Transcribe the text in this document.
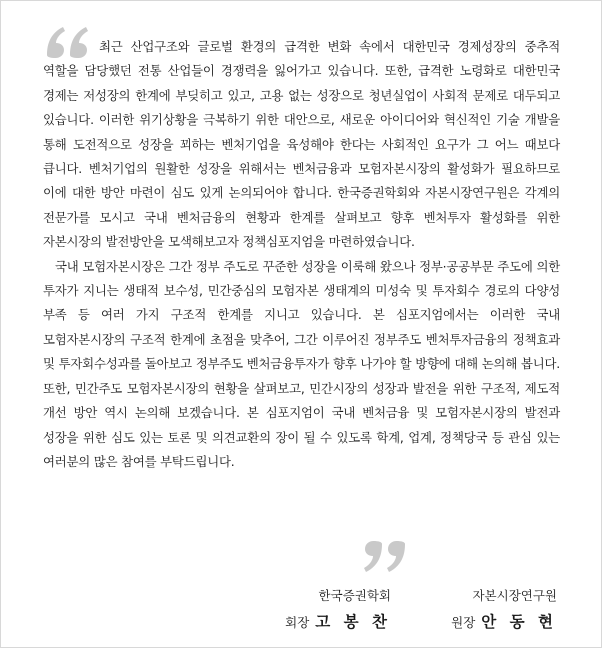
최근 산업구조와 글로벌 환경의 급격한 변화 속에서 대한민국 경제성장의 중추적 역할을 담당했던 전통 산업들이 경쟁력을 잃어가고 있습니다. 또한, 급격한 노령화로 대한민국 경제는 저성장의 한계에 부딪히고 있고, 고용 없는 성장으로 청년실업이 사회적 문제로 대두되고 있습니다. 이러한 위기상황을 극복하기 위한 대안으로, 새로운 아이디어와 혁신적인 기술 개발을 통해 도전적으로 성장을 꾀하는 벤처기업을 육성해야 한다는 사회적인 요구가 그 어느 때보다 큽니다. 벤처기업의 원활한 성장을 위해서는 벤처금융과 모험자본시장의 활성화가 필요하므로 이에 대한 방안 마련이 심도 있게 논의되어야 합니다. 한국증권학회와 자본시장연구원은 각계의 전문가를 모시고 국내 벤처금융의 현황과 한계를 살펴보고 향후 벤처투자 활성화를 위한 자본시장의 발전방안을 모색해보고자 정책심포지엄을 마련하였습니다.

국내 모험자본시장은 그간 정부 주도로 꾸준한 성장을 이룩해 왔으나 정부·공공부문 주도에 의한 투자가 지니는 생태적 보수성, 민간중심의 모험자본 생태계의 미성숙 및 투자회수 경로의 다양성 부족 등 여러 가지 구조적 한계를 지니고 있습니다. 본 심포지엄에서는 이러한 국내 모험자본시장의 구조적 한계에 초점을 맞추어, 그간 이루어진 정부주도 벤처투자금융의 정책효과 및 투자회수성과를 돌아보고 정부주도 벤처금융투자가 향후 나가야 할 방향에 대해 논의해 봅니다. 또한, 민간주도 모험자본시장의 현황을 살펴보고, 민간시장의 성장과 발전을 위한 구조적, 제도적 개선 방안 역시 논의해 보겠습니다. 본 심포지엄이 국내 벤처금융 및 모험자본시장의 발전과 성장을 위한 심도 있는 토론 및 의견교환의 장이 될 수 있도록 학계, 업계, 정책당국 등 관심 있는 여러분의 많은 참여를 부탁드립니다.

한국증권학회
회장 고 봉 찬
자본시장연구원
원장 안 동 현
